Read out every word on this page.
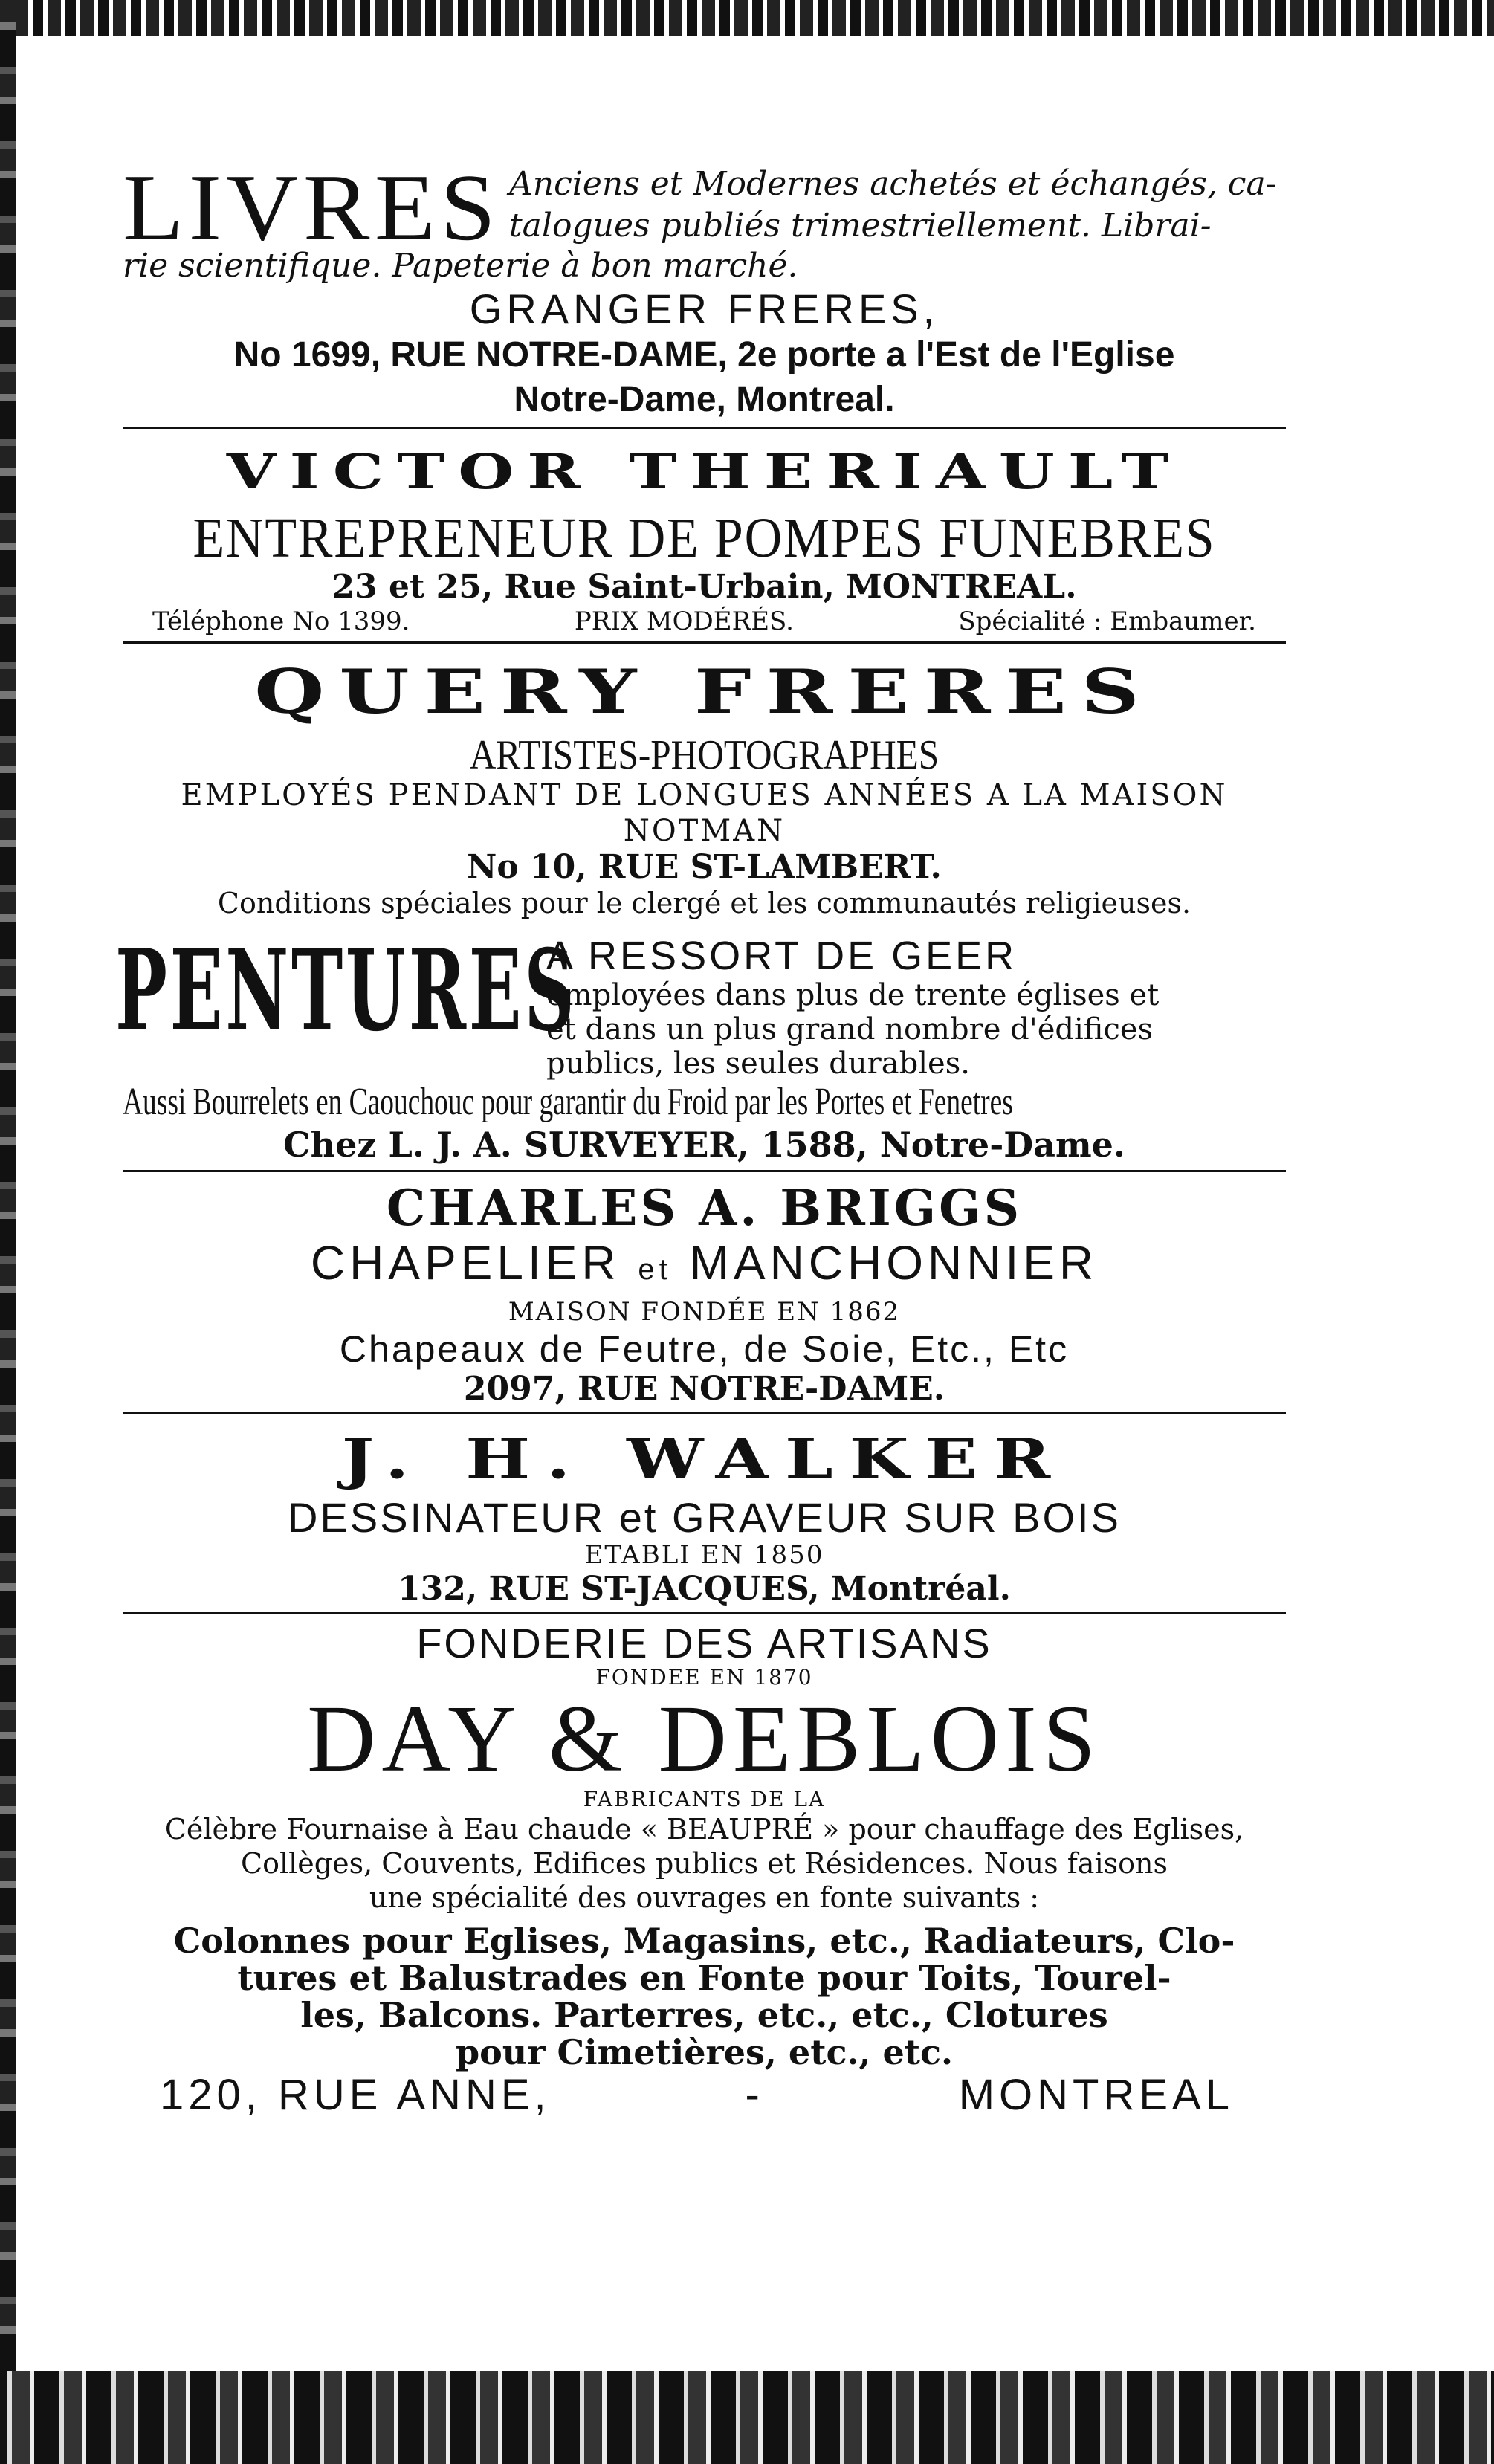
LIVRES Anciens et Modernes achetés et échangés, ca-
talogues publiés trimestriellement. Librai-
rie scientifique. Papeterie à bon marché.
GRANGER FRERES,
No 1699, RUE NOTRE-DAME, 2e porte a l'Est de l'Eglise
Notre-Dame, Montreal.
VICTOR THERIAULT
ENTREPRENEUR DE POMPES FUNEBRES
23 et 25, Rue Saint-Urbain, MONTREAL.
Téléphone No 1399.	PRIX MODÉRÉS.	Spécialité : Embaumer.
QUERY FRERES
ARTISTES-PHOTOGRAPHES
EMPLOYÉS PENDANT DE LONGUES ANNÉES A LA MAISON NOTMAN
No 10, RUE ST-LAMBERT.
Conditions spéciales pour le clergé et les communautés religieuses.
PENTURES
A RESSORT DE GEER
employées dans plus de trente églises et
et dans un plus grand nombre d'édifices
publics, les seules durables.
Aussi Bourrelets en Caouchouc pour garantir du Froid par les Portes et Fenetres
Chez L. J. A. SURVEYER, 1588, Notre-Dame.
CHARLES A. BRIGGS
CHAPELIER et MANCHONNIER
MAISON FONDÉE EN 1862
Chapeaux de Feutre, de Soie, Etc., Etc
2097, RUE NOTRE-DAME.
J. H. WALKER
DESSINATEUR et GRAVEUR SUR BOIS
ETABLI EN 1850
132, RUE ST-JACQUES, Montréal.
FONDERIE DES ARTISANS
FONDEE EN 1870
DAY & DEBLOIS
FABRICANTS DE LA
Célèbre Fournaise à Eau chaude « BEAUPRÉ » pour chauffage des Eglises,
Collèges, Couvents, Edifices publics et Résidences. Nous faisons
une spécialité des ouvrages en fonte suivants :
Colonnes pour Eglises, Magasins, etc., Radiateurs, Clo-
tures et Balustrades en Fonte pour Toits, Tourel-
les, Balcons. Parterres, etc., etc., Clotures
pour Cimetières, etc., etc.
120, RUE ANNE,	-	MONTREAL
